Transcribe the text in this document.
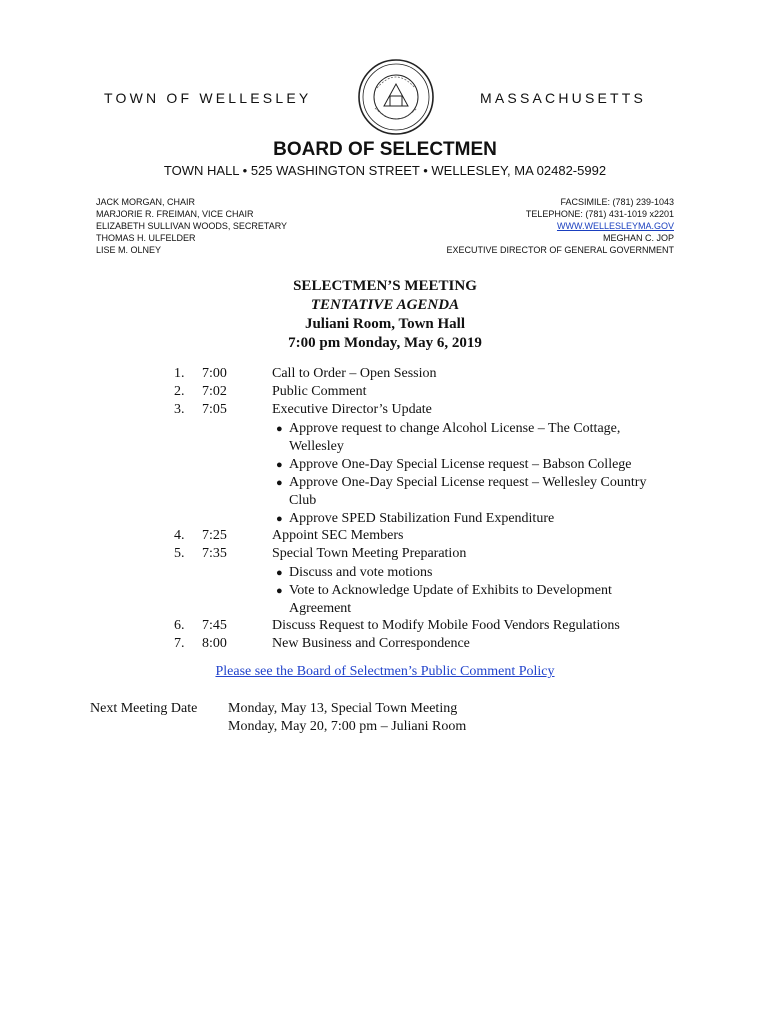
TOWN OF WELLESLEY	MASSACHUSETTS
BOARD OF SELECTMEN
TOWN HALL • 525 WASHINGTON STREET • WELLESLEY, MA 02482-5992
JACK MORGAN, CHAIR
MARJORIE R. FREIMAN, VICE CHAIR
ELIZABETH SULLIVAN WOODS, SECRETARY
THOMAS H. ULFELDER
LISE M. OLNEY
FACSIMILE: (781) 239-1043
TELEPHONE: (781) 431-1019 x2201
WWW.WELLESLEYMA.GOV
MEGHAN C. JOP
EXECUTIVE DIRECTOR OF GENERAL GOVERNMENT
SELECTMEN’S MEETING
TENTATIVE AGENDA
Juliani Room, Town Hall
7:00 pm Monday, May 6, 2019
1. 7:00	Call to Order – Open Session
2. 7:02	Public Comment
3. 7:05	Executive Director’s Update
● Approve request to change Alcohol License – The Cottage, Wellesley
● Approve One-Day Special License request – Babson College
● Approve One-Day Special License request – Wellesley Country Club
● Approve SPED Stabilization Fund Expenditure
4. 7:25	Appoint SEC Members
5. 7:35	Special Town Meeting Preparation
● Discuss and vote motions
● Vote to Acknowledge Update of Exhibits to Development Agreement
6. 7:45	Discuss Request to Modify Mobile Food Vendors Regulations
7. 8:00	New Business and Correspondence
Please see the Board of Selectmen’s Public Comment Policy
Next Meeting Date Monday, May 13, Special Town Meeting
Monday, May 20, 7:00 pm – Juliani Room
